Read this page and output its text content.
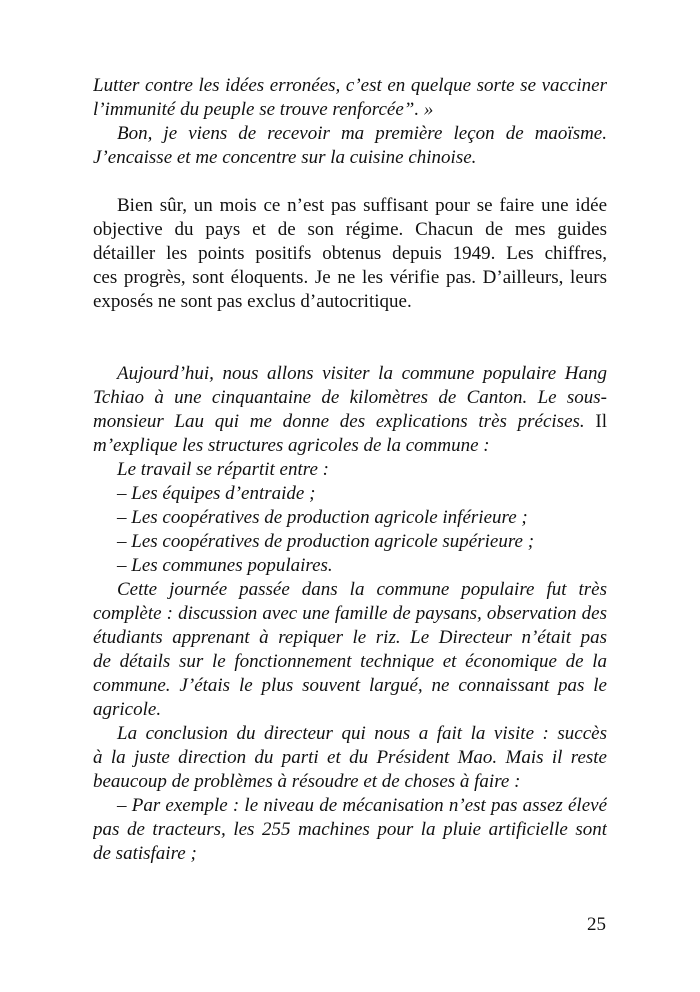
Lutter contre les idées erronées, c’est en quelque sorte se vacciner
l’immunité du peuple se trouve renforcée”. »
Bon, je viens de recevoir ma première leçon de maoïsme.
J’encaisse et me concentre sur la cuisine chinoise.
Bien sûr, un mois ce n’est pas suffisant pour se faire une idée
objective du pays et de son régime. Chacun de mes guides
détailler les points positifs obtenus depuis 1949. Les chiffres,
ces progrès, sont éloquents. Je ne les vérifie pas. D’ailleurs, leurs
exposés ne sont pas exclus d’autocritique.
Aujourd’hui, nous allons visiter la commune populaire Hang
Tchiao à une cinquantaine de kilomètres de Canton. Le sous-
monsieur Lau qui me donne des explications très précises. Il
m’explique les structures agricoles de la commune :
Le travail se répartit entre :
– Les équipes d’entraide ;
– Les coopératives de production agricole inférieure ;
– Les coopératives de production agricole supérieure ;
– Les communes populaires.
Cette journée passée dans la commune populaire fut très
complète : discussion avec une famille de paysans, observation des
étudiants apprenant à repiquer le riz. Le Directeur n’était pas
de détails sur le fonctionnement technique et économique de la
commune. J’étais le plus souvent largué, ne connaissant pas le
agricole.
La conclusion du directeur qui nous a fait la visite : succès
à la juste direction du parti et du Président Mao. Mais il reste
beaucoup de problèmes à résoudre et de choses à faire :
– Par exemple : le niveau de mécanisation n’est pas assez élevé
pas de tracteurs, les 255 machines pour la pluie artificielle sont
de satisfaire ;
25
